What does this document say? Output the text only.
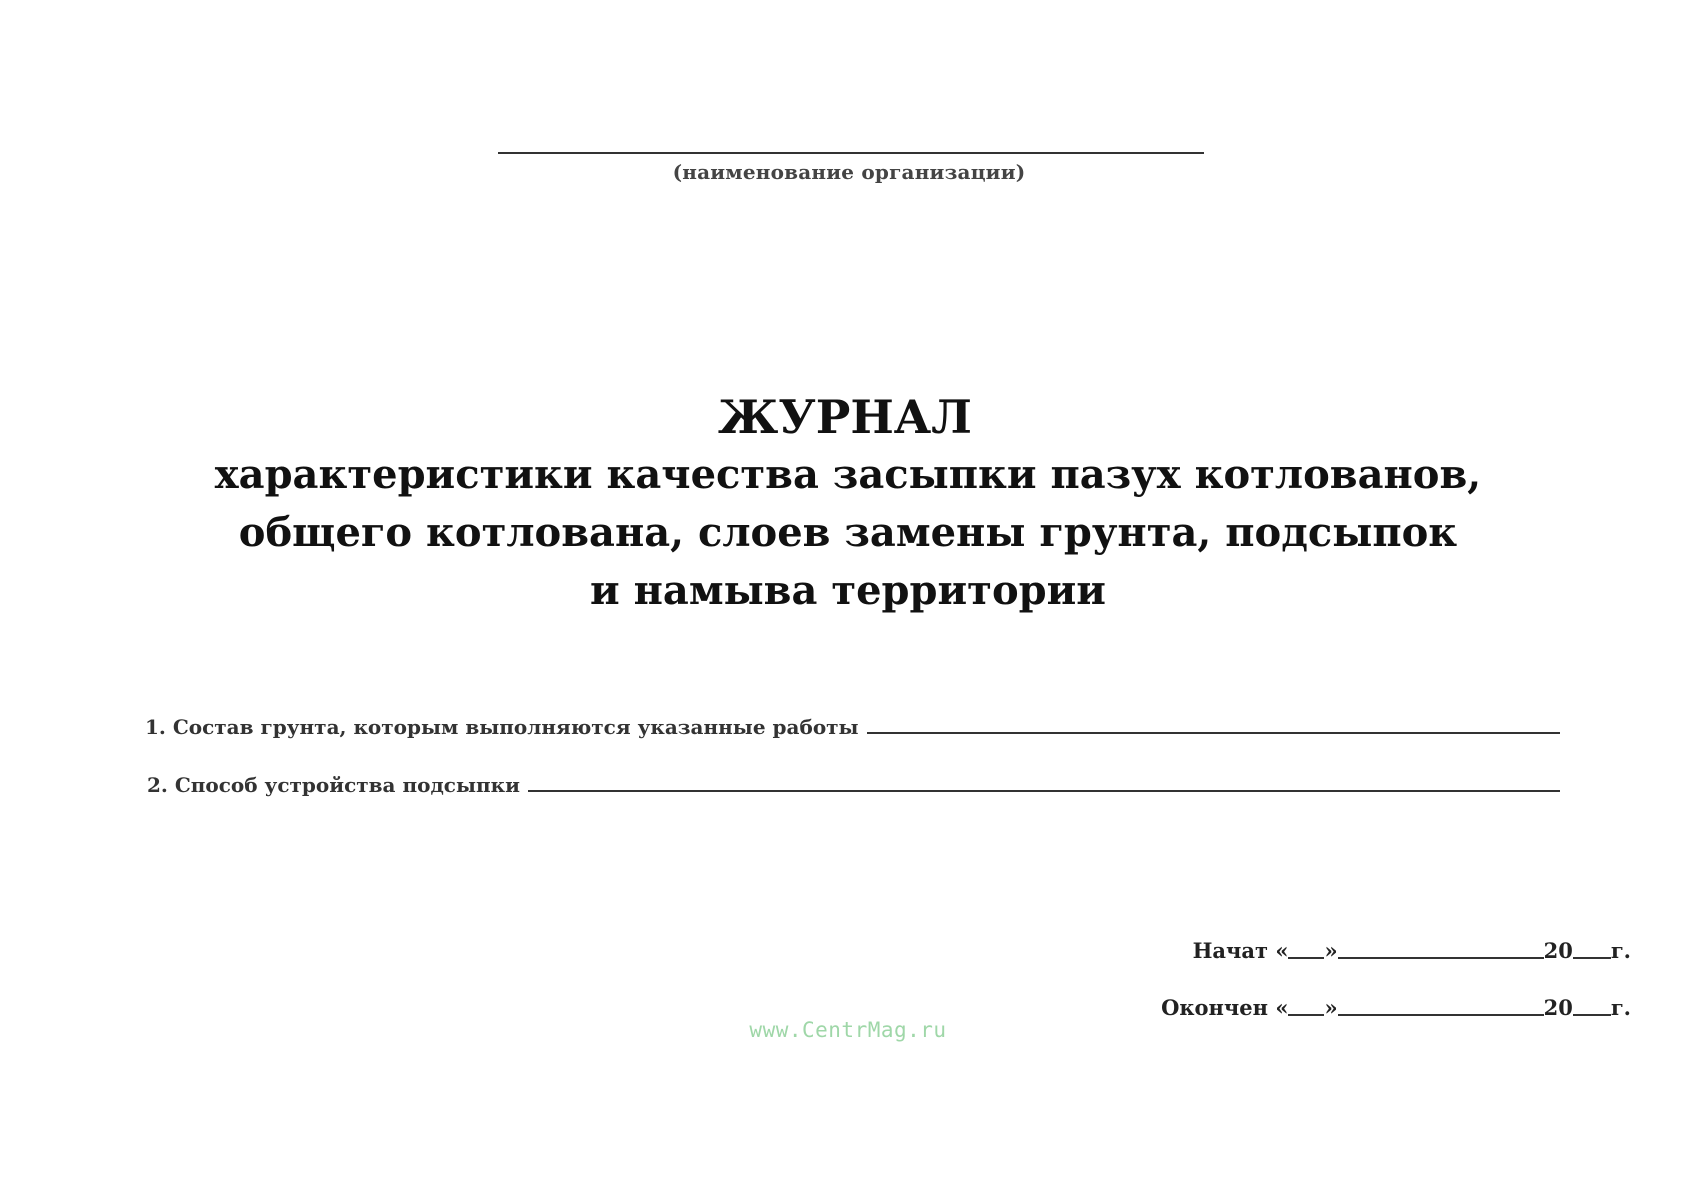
(наименование организации)
ЖУРНАЛ
характеристики качества засыпки пазух котлованов,
общего котлована, слоев замены грунта, подсыпок
и намыва территории
1. Состав грунта, которым выполняются указанные работы
2. Способ устройства подсыпки
Начат « »	20 г.
Окончен « »	20 г.
www.CentrMag.ru
